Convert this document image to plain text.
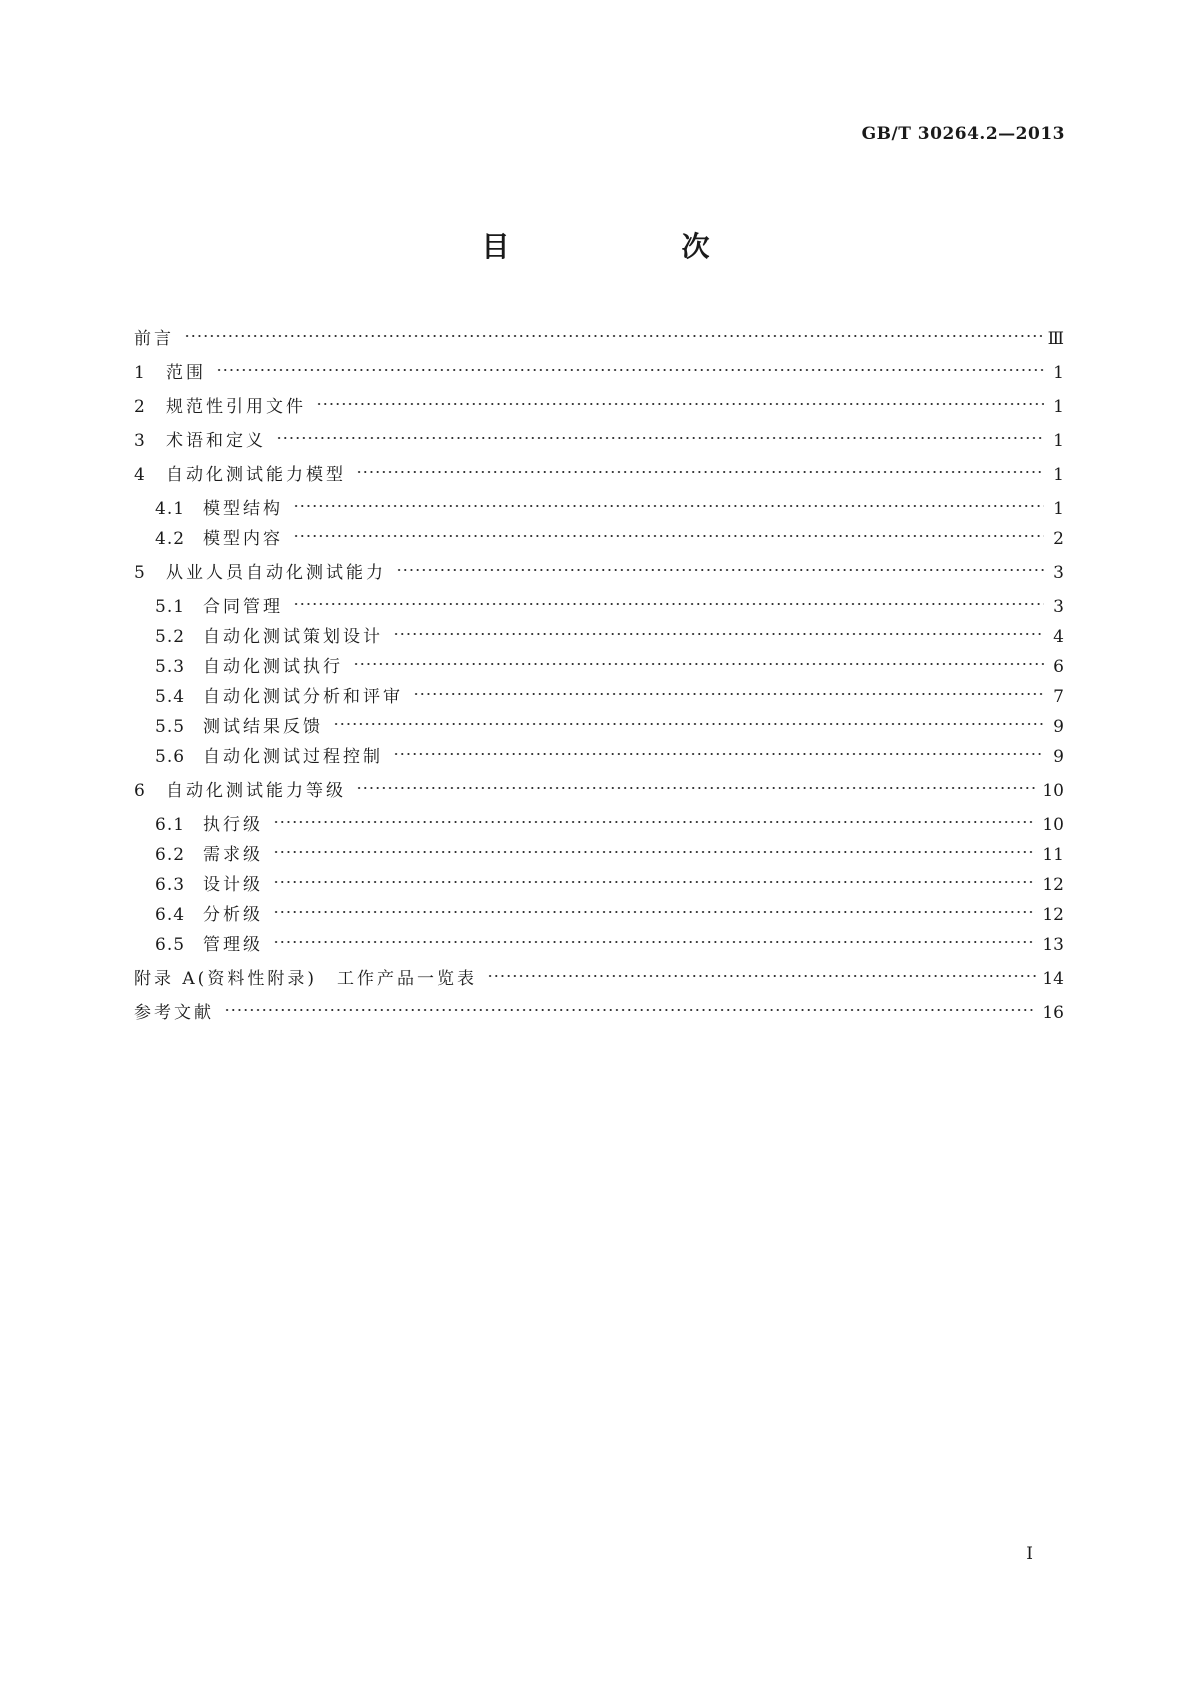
GB/T 30264.2—2013
目　次
前言	Ⅲ
1	范围	1
2	规范性引用文件	1
3	术语和定义	1
4	自动化测试能力模型	1
4.1	模型结构	1
4.2	模型内容	2
5	从业人员自动化测试能力	3
5.1	合同管理	3
5.2	自动化测试策划设计	4
5.3	自动化测试执行	6
5.4	自动化测试分析和评审	7
5.5	测试结果反馈	9
5.6	自动化测试过程控制	9
6	自动化测试能力等级	10
6.1	执行级	10
6.2	需求级	11
6.3	设计级	12
6.4	分析级	12
6.5	管理级	13
附录 A(资料性附录)　工作产品一览表	14
参考文献	16
I
